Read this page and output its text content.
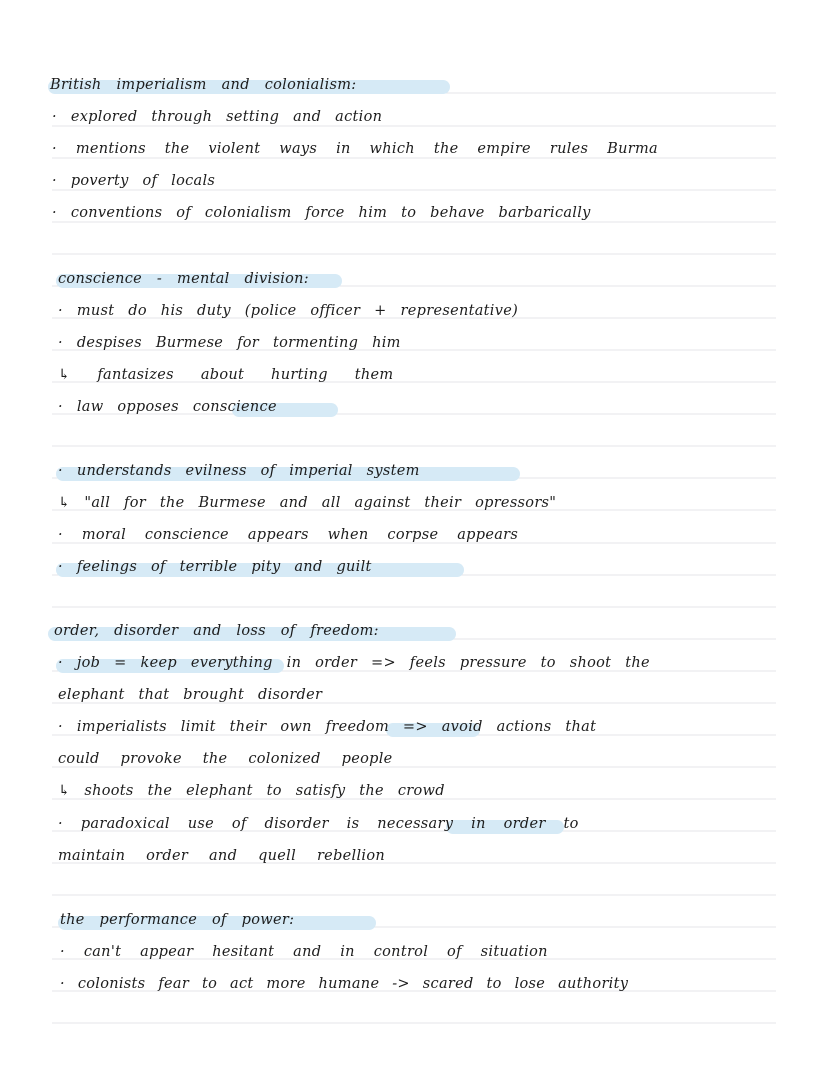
British imperialism and colonialism:
· explored through setting and action
· mentions the violent ways in which the empire rules Burma
· poverty of locals
· conventions of colonialism force him to behave barbarically
conscience - mental division:
· must do his duty (police officer + representative)
· despises Burmese for tormenting him
↳ fantasizes about hurting them
· law opposes conscience
· understands evilness of imperial system
↳ "all for the Burmese and all against their opressors"
· moral conscience appears when corpse appears
· feelings of terrible pity and guilt
order, disorder and loss of freedom:
· job = keep everything in order => feels pressure to shoot the
elephant that brought disorder
· imperialists limit their own freedom => avoid actions that
could provoke the colonized people
↳ shoots the elephant to satisfy the crowd
· paradoxical use of disorder is necessary in order to
maintain order and quell rebellion
the performance of power:
· can't appear hesitant and in control of situation
· colonists fear to act more humane -> scared to lose authority
